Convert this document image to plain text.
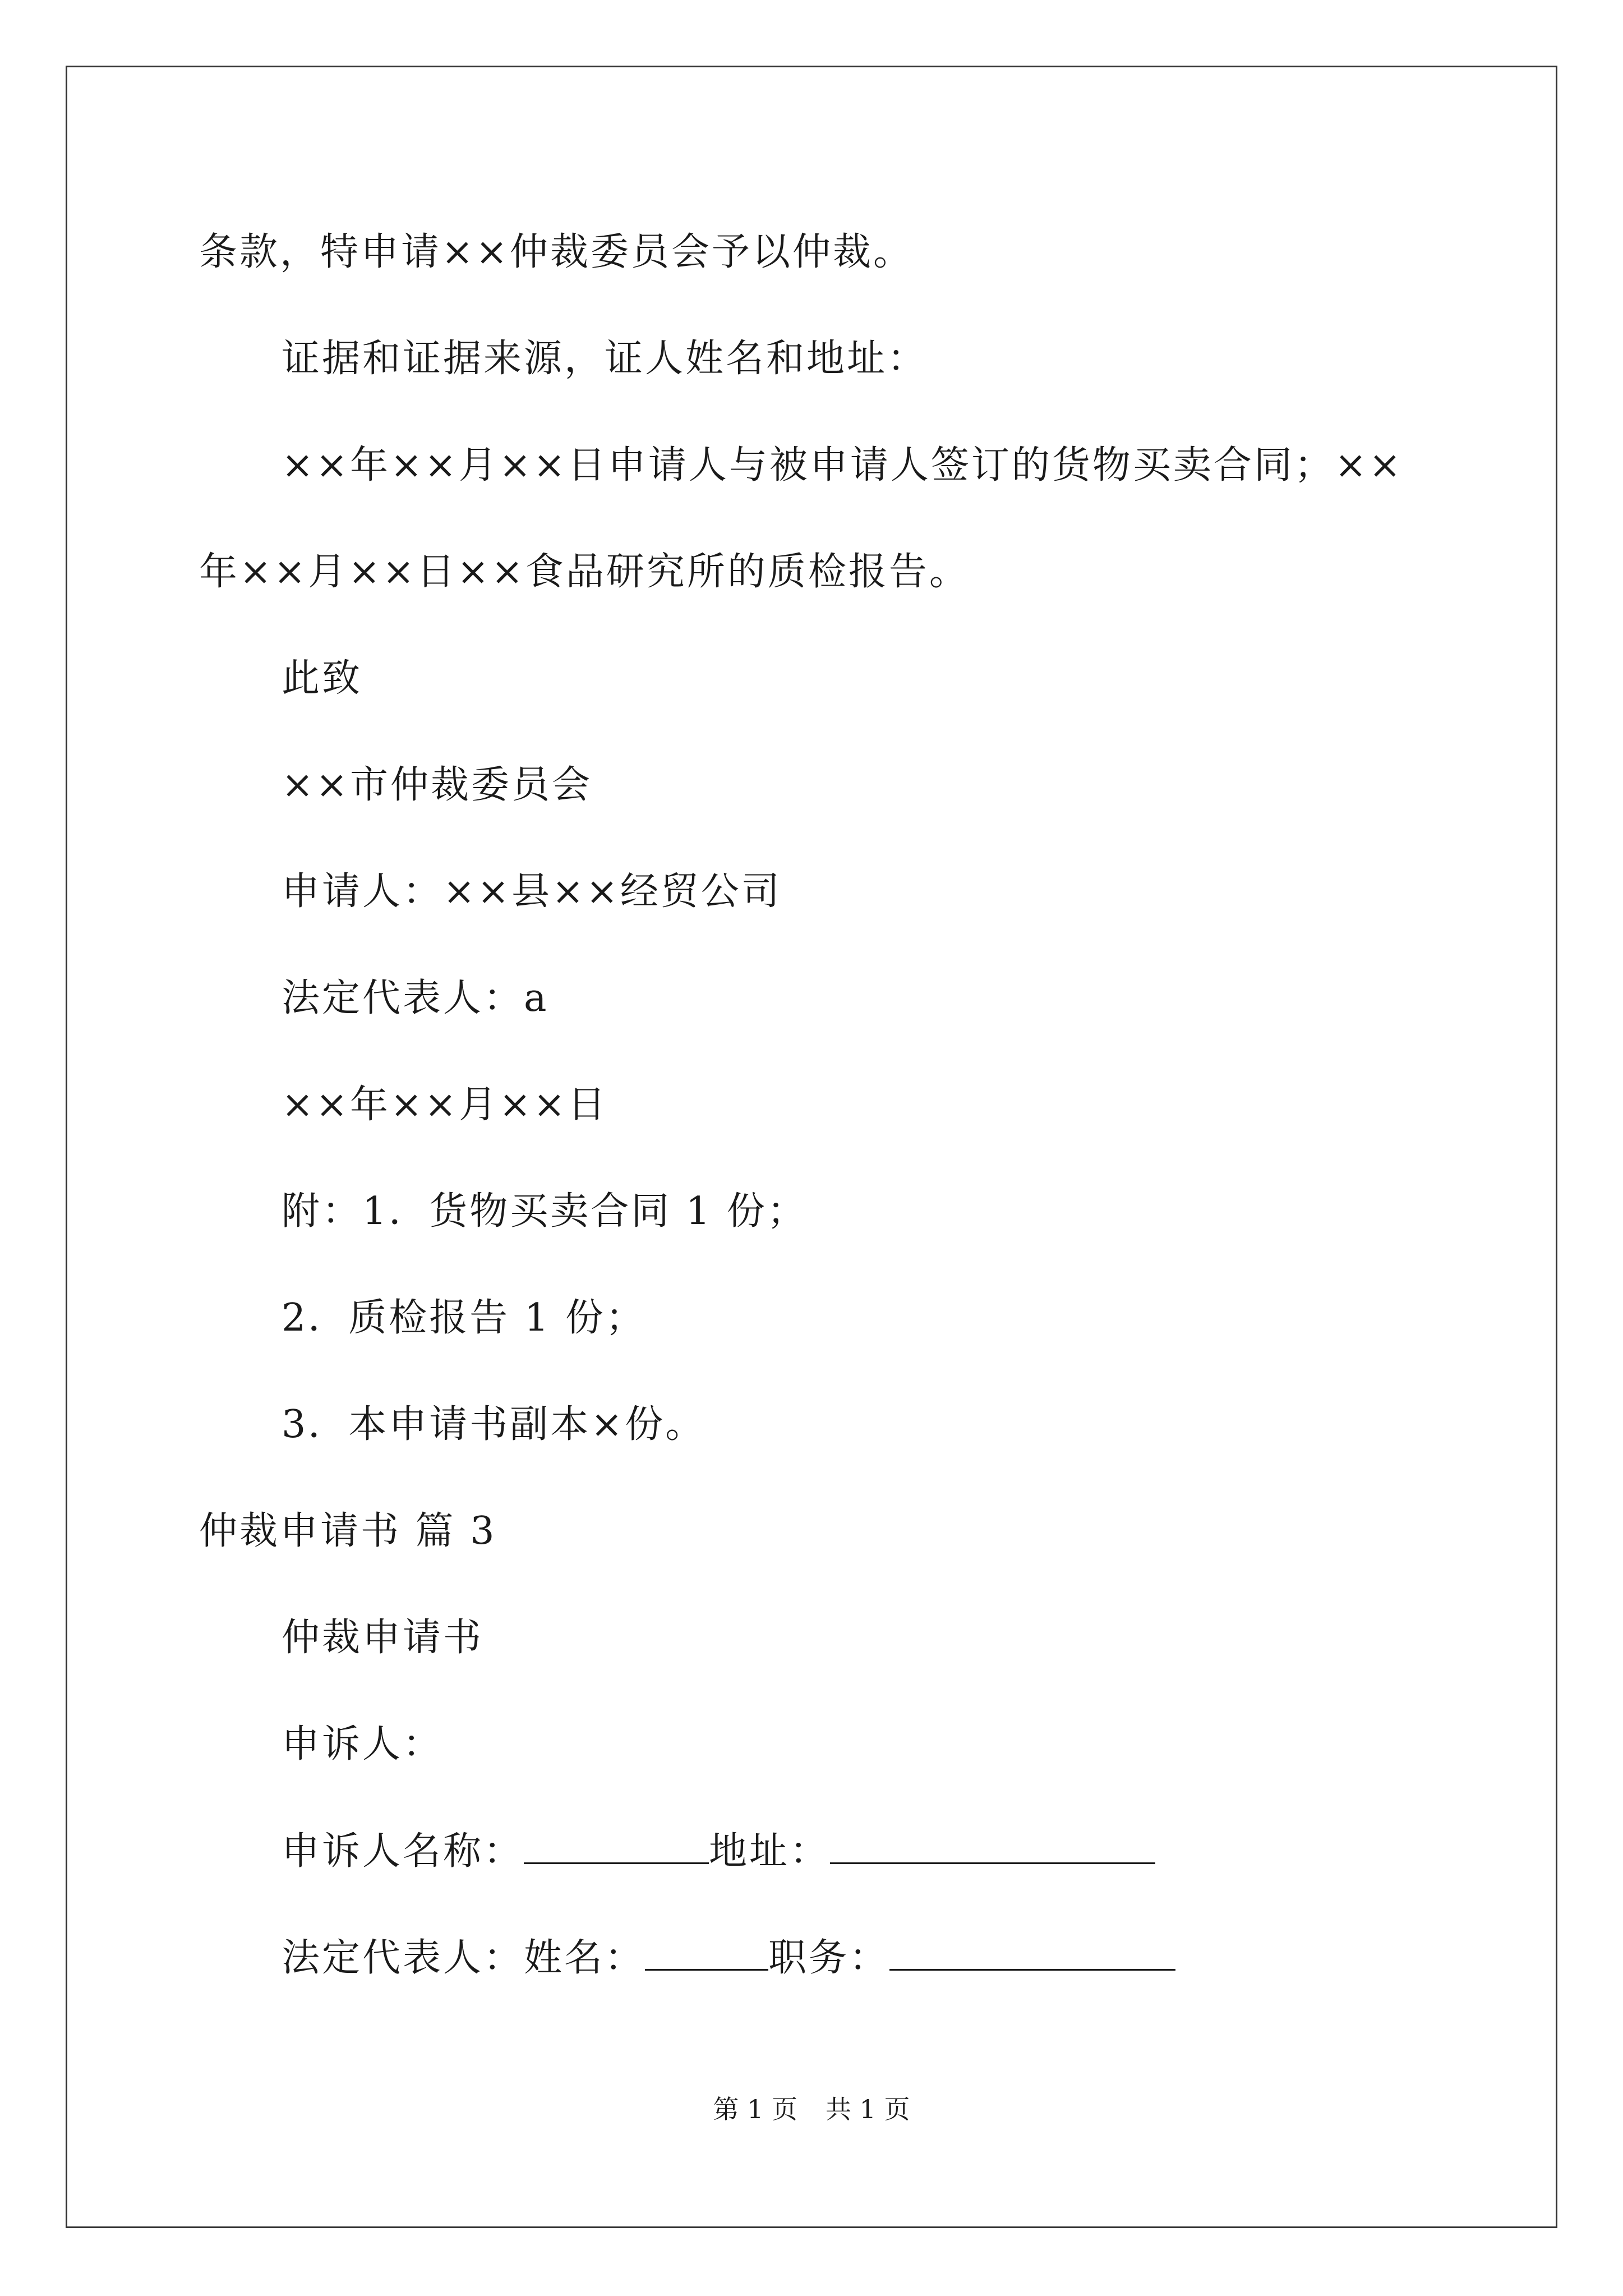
条款，特申请××仲裁委员会予以仲裁。
证据和证据来源，证人姓名和地址：
××年××月××日申请人与被申请人签订的货物买卖合同；××
年××月××日××食品研究所的质检报告。
此致
××市仲裁委员会
申请人：××县××经贸公司
法定代表人：a
××年××月××日
附：1．货物买卖合同 1 份；
2．质检报告 1 份；
3．本申请书副本×份。
仲裁申请书 篇 3
仲裁申请书
申诉人：
申诉人名称：	地址：
法定代表人：姓名：	职务：
第 1 页 共 1 页
